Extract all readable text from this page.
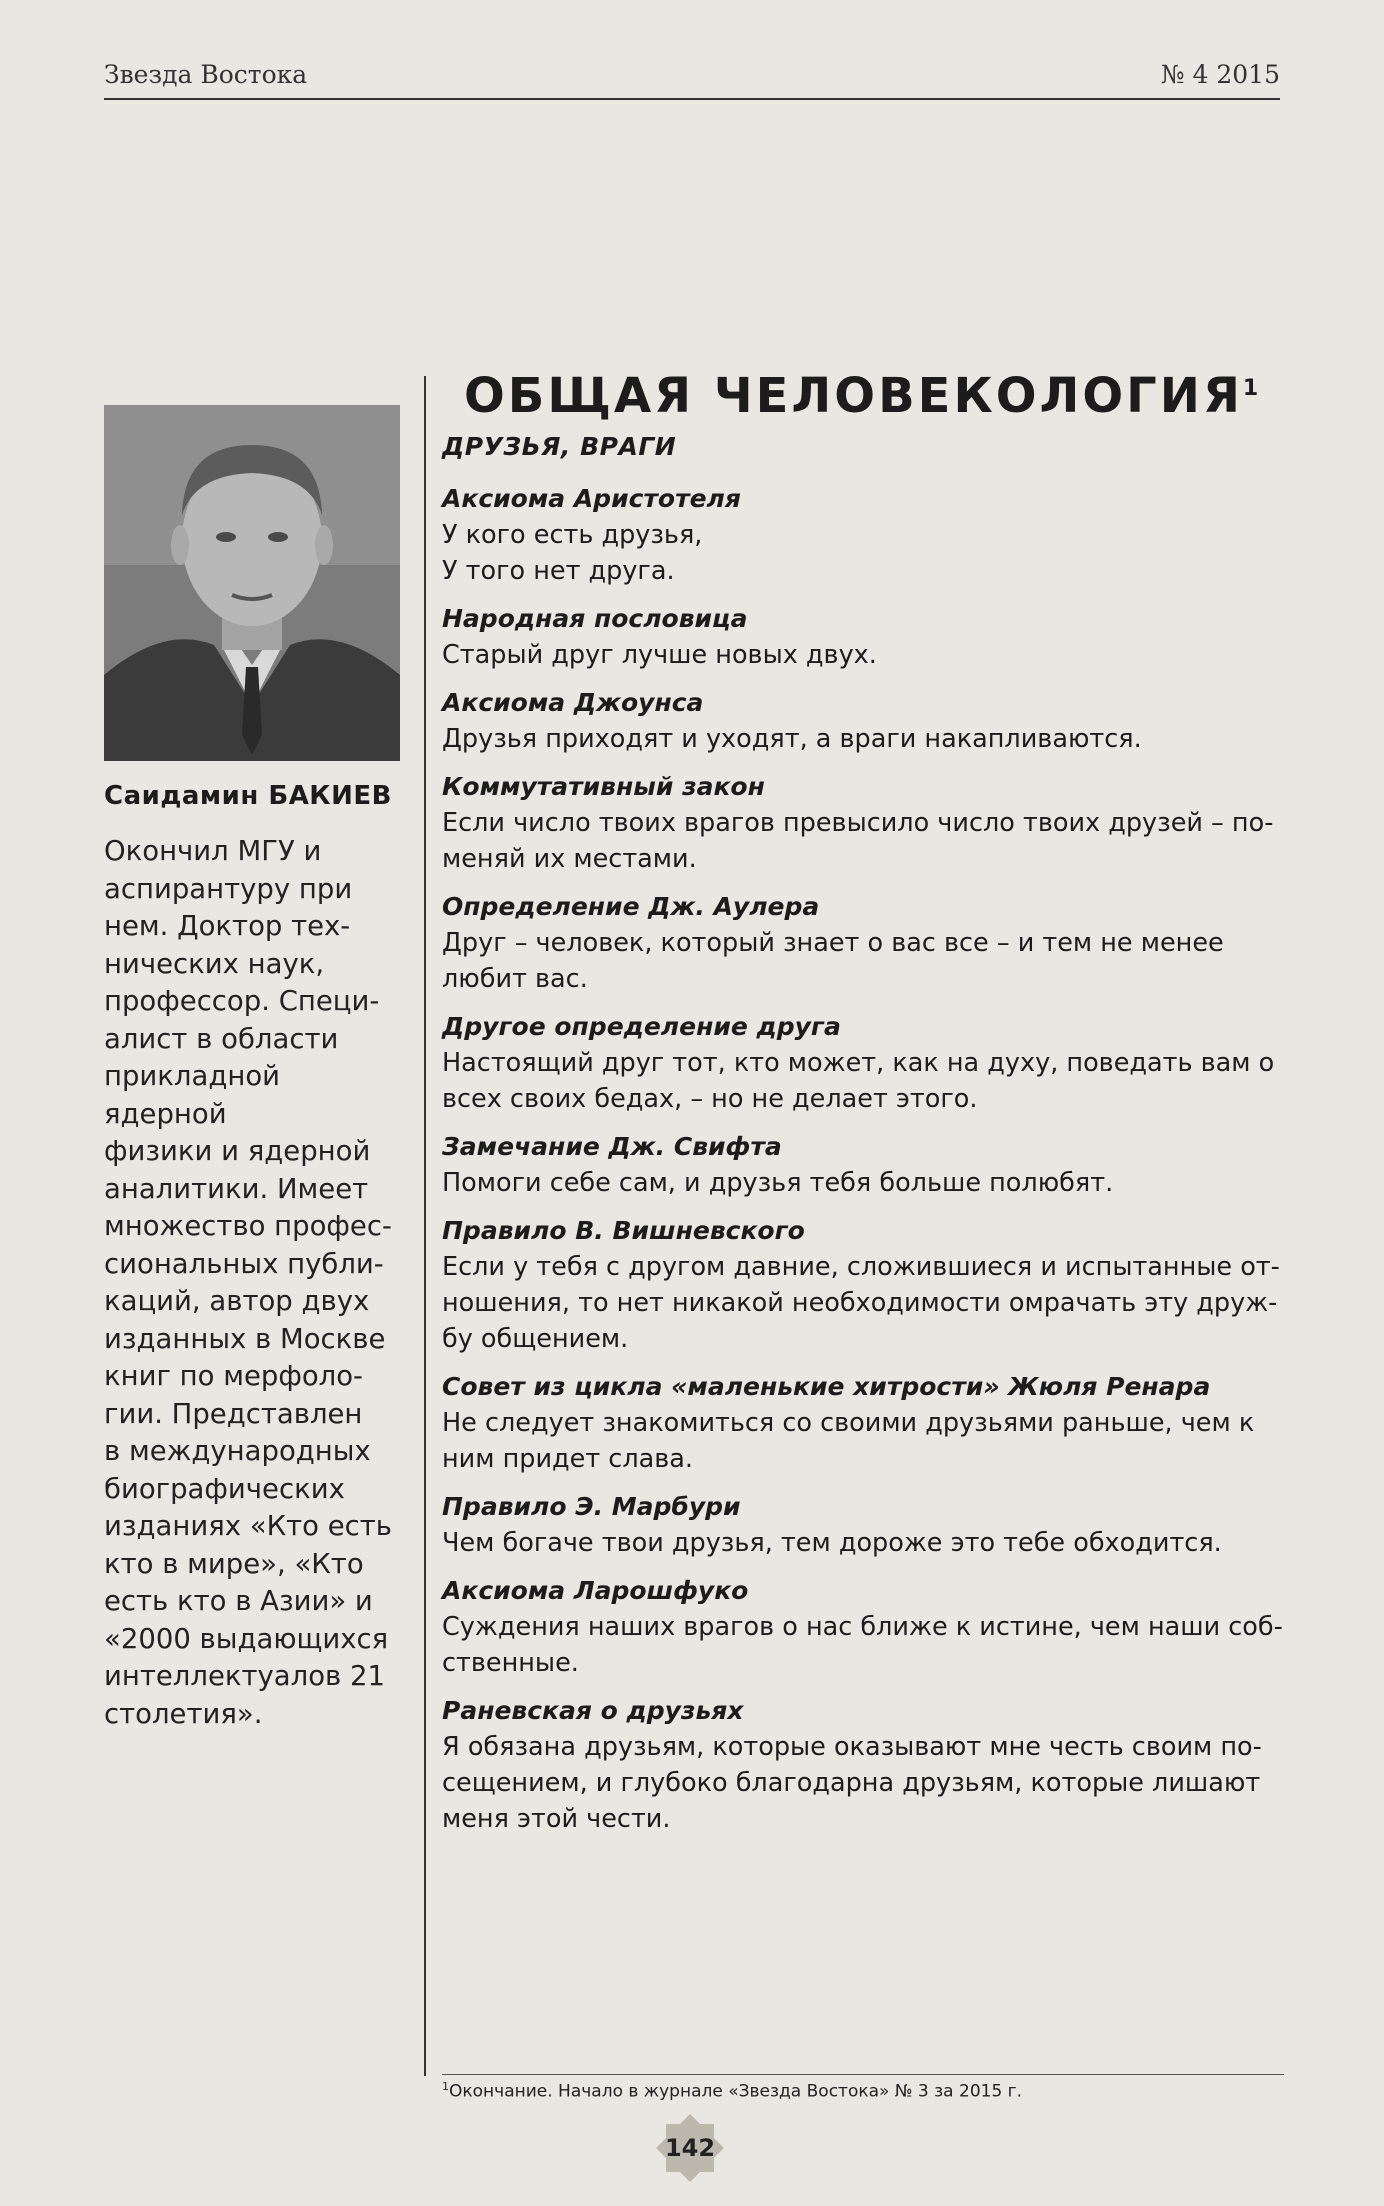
Звезда Востока	№ 4 2015
Саидамин БАКИЕВ
Окончил МГУ и
аспирантуру при
нем. Доктор тех-
нических наук,
профессор. Специ-
алист в области
прикладной ядерной
физики и ядерной
аналитики. Имеет
множество профес-
сиональных публи-
каций, автор двух
изданных в Москве
книг по мерфоло-
гии. Представлен
в международных
биографических
изданиях «Кто есть
кто в мире», «Кто
есть кто в Азии» и
«2000 выдающихся
интеллектуалов 21
столетия».
ОБЩАЯ ЧЕЛОВЕКОЛОГИЯ$^1$
ДРУЗЬЯ, ВРАГИ
Аксиома Аристотеля
У кого есть друзья,
У того нет друга.
Народная пословица
Старый друг лучше новых двух.
Аксиома Джоунса
Друзья приходят и уходят, а враги накапливаются.
Коммутативный закон
Если число твоих врагов превысило число твоих друзей – по-
меняй их местами.
Определение Дж. Аулера
Друг – человек, который знает о вас все – и тем не менее
любит вас.
Другое определение друга
Настоящий друг тот, кто может, как на духу, поведать вам о
всех своих бедах, – но не делает этого.
Замечание Дж. Свифта
Помоги себе сам, и друзья тебя больше полюбят.
Правило В. Вишневского
Если у тебя с другом давние, сложившиеся и испытанные от-
ношения, то нет никакой необходимости омрачать эту друж-
бу общением.
Совет из цикла «маленькие хитрости» Жюля Ренара
Не следует знакомиться со своими друзьями раньше, чем к
ним придет слава.
Правило Э. Марбури
Чем богаче твои друзья, тем дороже это тебе обходится.
Аксиома Ларошфуко
Суждения наших врагов о нас ближе к истине, чем наши соб-
ственные.
Раневская о друзьях
Я обязана друзьям, которые оказывают мне честь своим по-
сещением, и глубоко благодарна друзьям, которые лишают
меня этой чести.
$^1$Окончание. Начало в журнале «Звезда Востока» № 3 за 2015 г.
142
